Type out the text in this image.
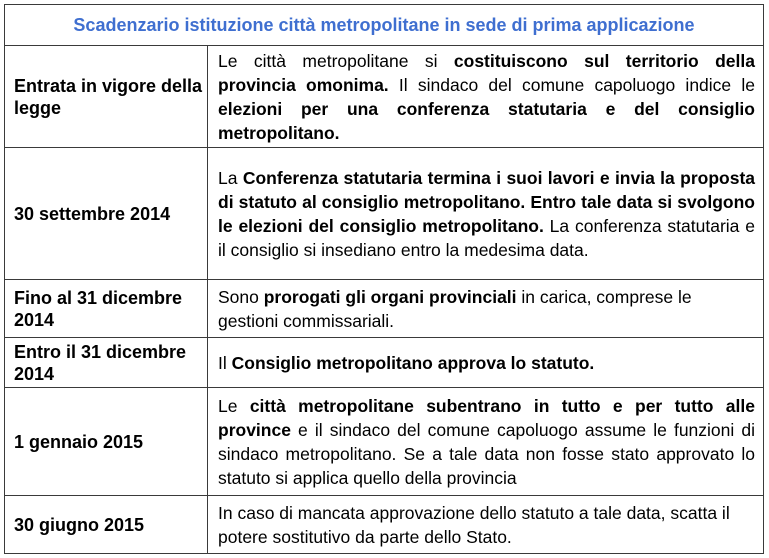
Scadenzario istituzione città metropolitane in sede di prima applicazione	
Entrata in vigore della legge	Le città metropolitane si costituiscono sul territorio della provincia omonima. Il sindaco del comune capoluogo indice le elezioni per una conferenza statutaria e del consiglio metropolitano.
30 settembre 2014	La Conferenza statutaria termina i suoi lavori e invia la proposta di statuto al consiglio metropolitano. Entro tale data si svolgono le elezioni del consiglio metropolitano. La conferenza statutaria e il consiglio si insediano entro la medesima data.
Fino al 31 dicembre 2014	Sono prorogati gli organi provinciali in carica, comprese le gestioni commissariali.
Entro il 31 dicembre 2014	Il Consiglio metropolitano approva lo statuto.
1 gennaio 2015	Le città metropolitane subentrano in tutto e per tutto alle province e il sindaco del comune capoluogo assume le funzioni di sindaco metropolitano. Se a tale data non fosse stato approvato lo statuto si applica quello della provincia
30 giugno 2015	In caso di mancata approvazione dello statuto a tale data, scatta il potere sostitutivo da parte dello Stato.
